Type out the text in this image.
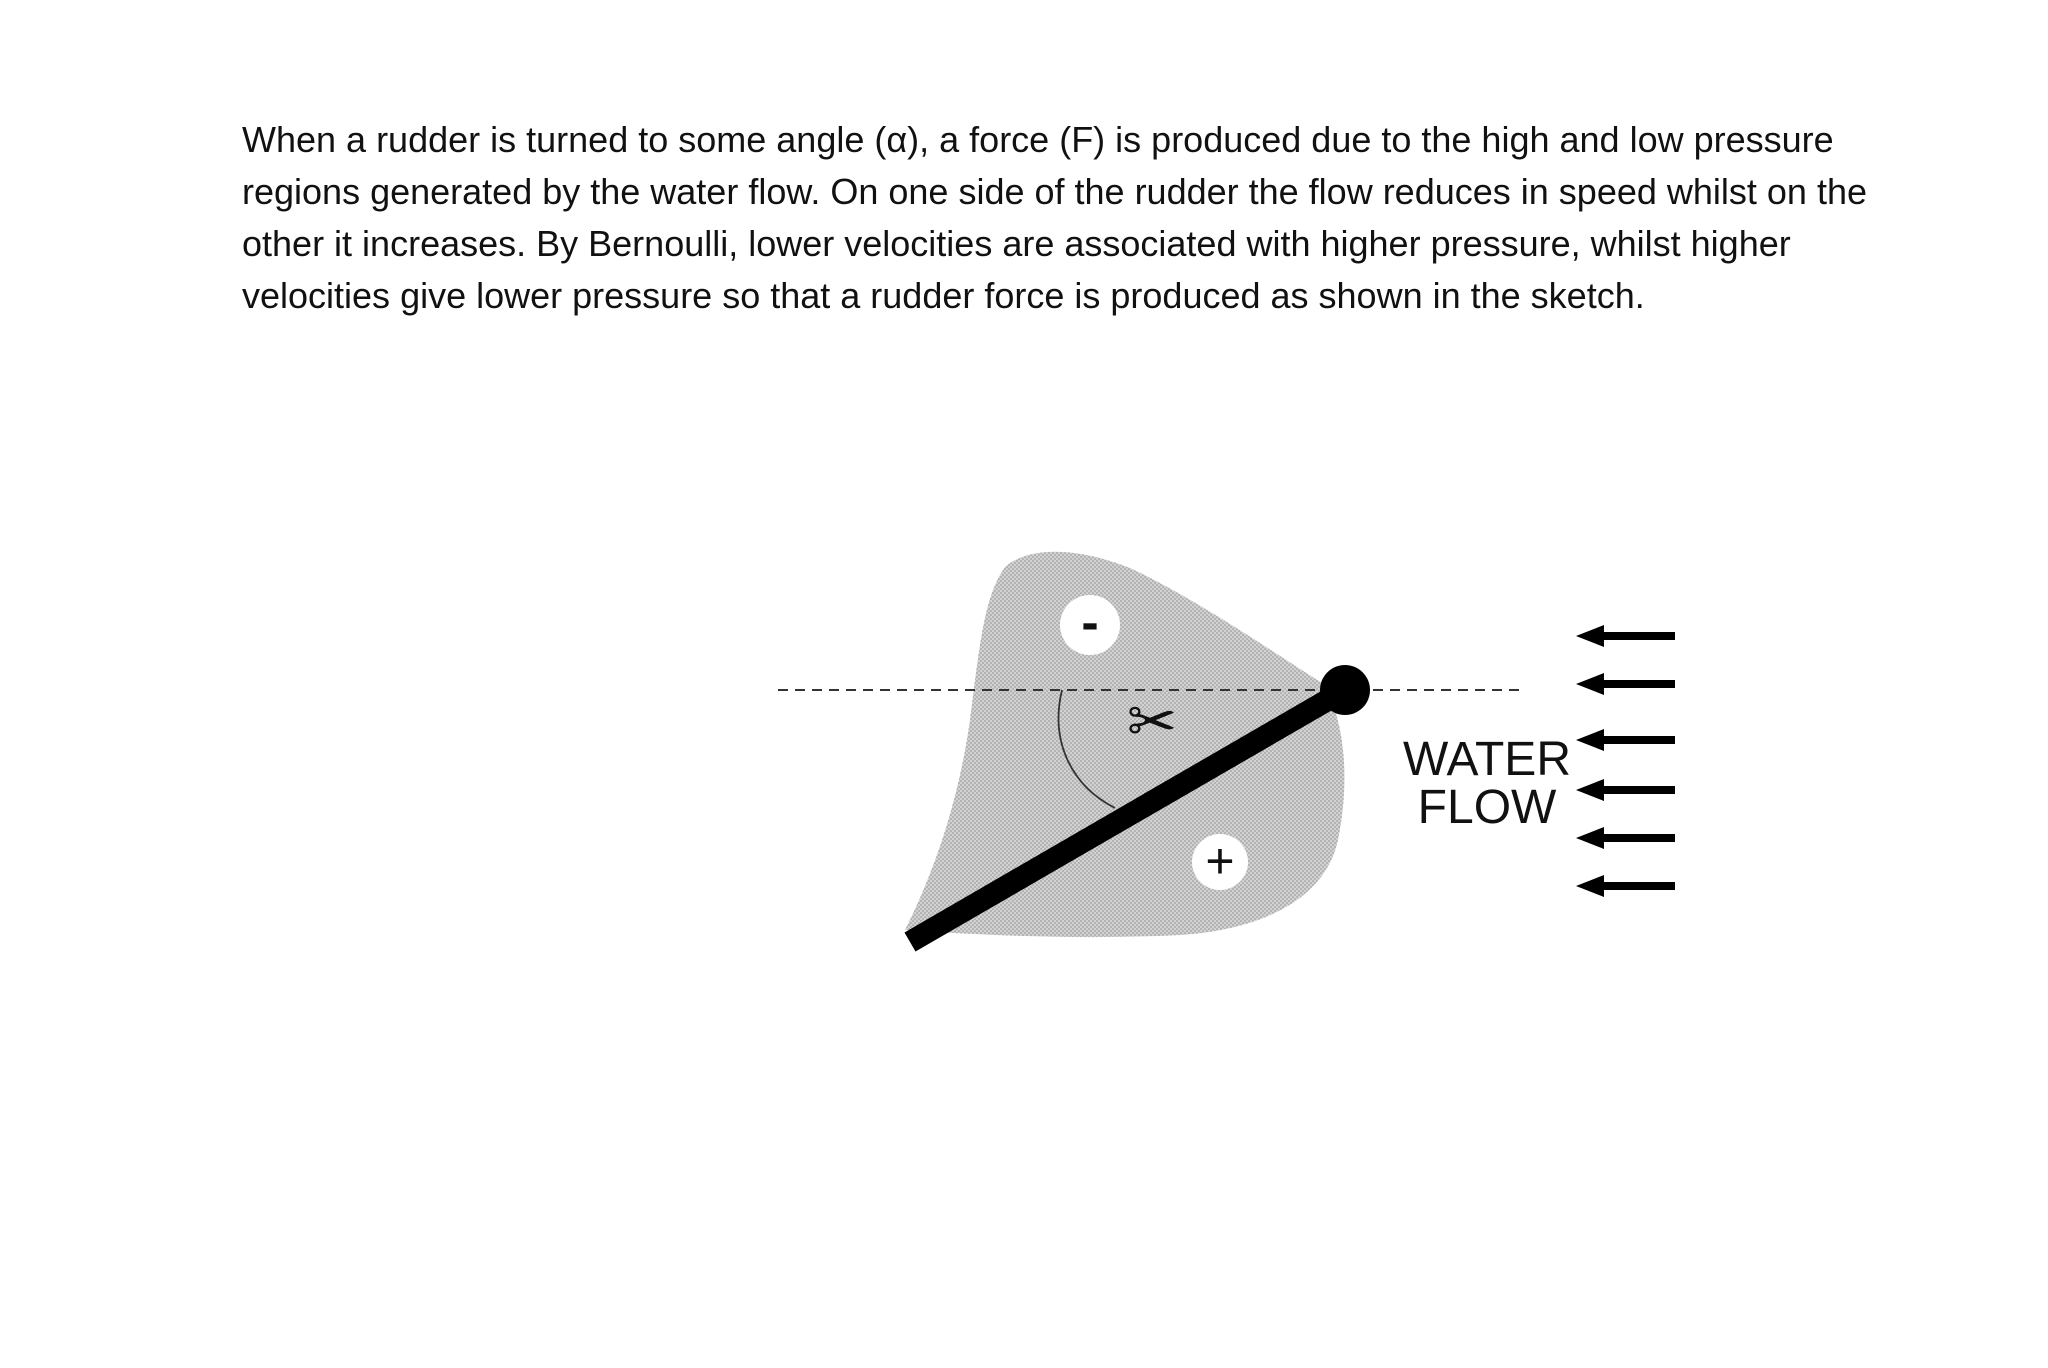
When a rudder is turned to some angle (α), a force (F) is produced due to the high and low pressure regions generated by the water flow. On one side of the rudder the flow reduces in speed whilst on the other it increases. By Bernoulli, lower velocities are associated with higher pressure, whilst higher velocities give lower pressure so that a rudder force is produced as shown in the sketch.

-
+
✂
WATER
FLOW
